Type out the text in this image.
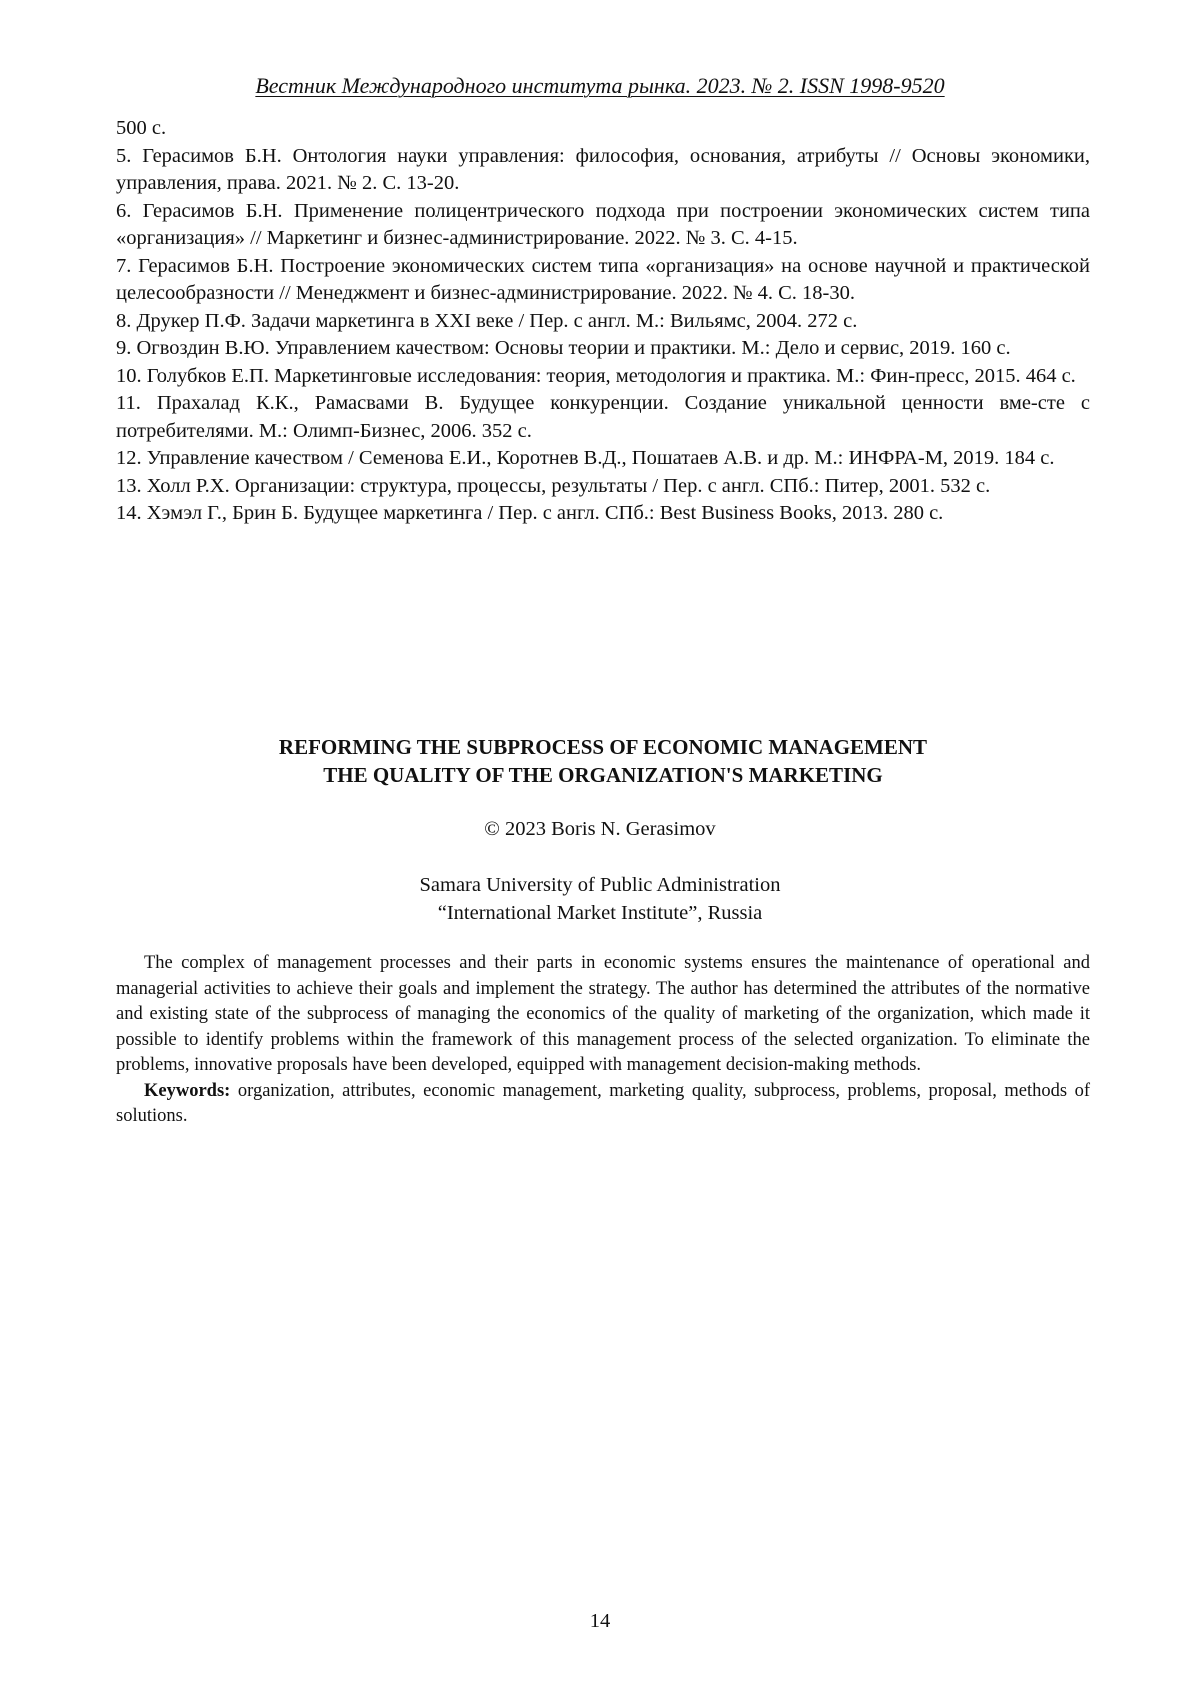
Вестник Международного института рынка. 2023. № 2. ISSN 1998-9520

500 с.

5. Герасимов Б.Н. Онтология науки управления: философия, основания, атрибуты // Основы экономики, управления, права. 2021. № 2. С. 13-20.

6. Герасимов Б.Н. Применение полицентрического подхода при построении экономических систем типа «организация» // Маркетинг и бизнес-администрирование. 2022. № 3. С. 4-15.

7. Герасимов Б.Н. Построение экономических систем типа «организация» на основе научной и практической целесообразности // Менеджмент и бизнес-администрирование. 2022. № 4. С. 18-30.

8. Друкер П.Ф. Задачи маркетинга в XXI веке / Пер. с англ. М.: Вильямс, 2004. 272 с.

9. Огвоздин В.Ю. Управлением качеством: Основы теории и практики. М.: Дело и сервис, 2019. 160 с.

10. Голубков Е.П. Маркетинговые исследования: теория, методология и практика. М.: Фин-пресс, 2015. 464 с.

11. Прахалад К.К., Рамасвами В. Будущее конкуренции. Создание уникальной ценности вме-сте с потребителями. М.: Олимп-Бизнес, 2006. 352 с.

12. Управление качеством / Семенова Е.И., Коротнев В.Д., Пошатаев А.В. и др. М.: ИНФРА-М, 2019. 184 с.

13. Холл Р.Х. Организации: структура, процессы, результаты / Пер. с англ. СПб.: Питер, 2001. 532 с.

14. Хэмэл Г., Брин Б. Будущее маркетинга / Пер. с англ. СПб.: Best Business Books, 2013. 280 с.

REFORMING THE SUBPROCESS OF ECONOMIC MANAGEMENT
THE QUALITY OF THE ORGANIZATION'S MARKETING
© 2023 Boris N. Gerasimov
Samara University of Public Administration
“International Market Institute”, Russia

The complex of management processes and their parts in economic systems ensures the maintenance of operational and managerial activities to achieve their goals and implement the strategy. The author has determined the attributes of the normative and existing state of the subprocess of managing the economics of the quality of marketing of the organization, which made it possible to identify problems within the framework of this management process of the selected organization. To eliminate the problems, innovative proposals have been developed, equipped with management decision-making methods.

Keywords: organization, attributes, economic management, marketing quality, subprocess, problems, proposal, methods of solutions.

14
